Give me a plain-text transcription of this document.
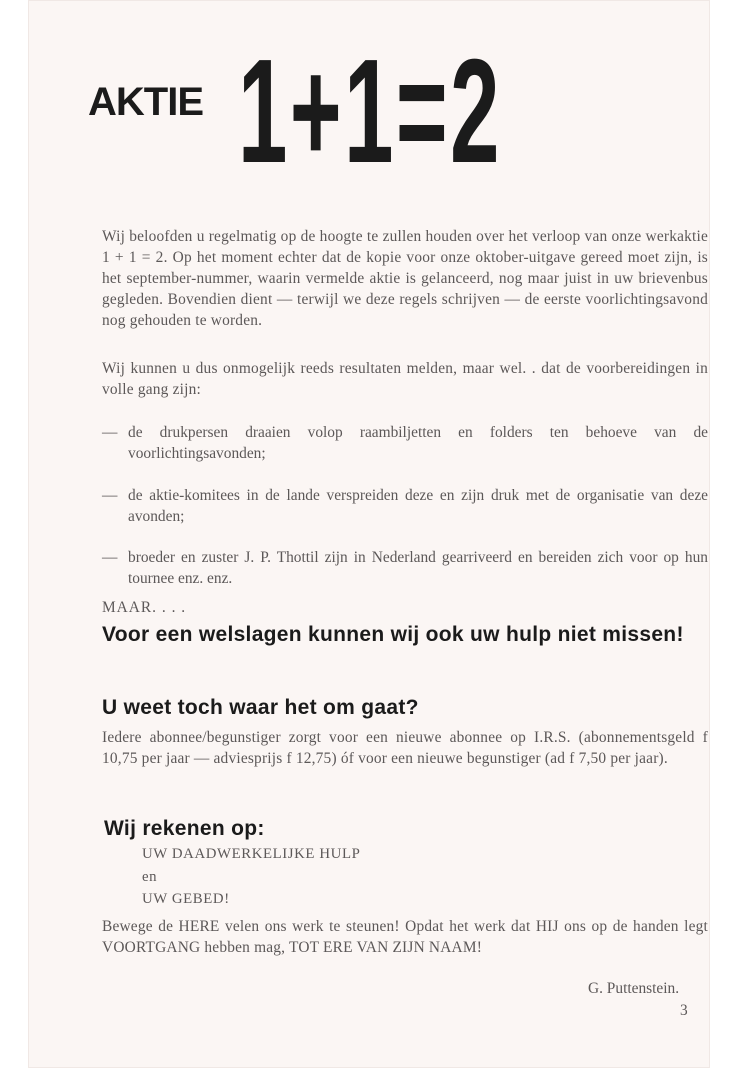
AKTIE 1+1=2
Wij beloofden u regelmatig op de hoogte te zullen houden over het verloop van onze werkaktie 1 + 1 = 2. Op het moment echter dat de kopie voor onze oktober-uitgave gereed moet zijn, is het september-nummer, waarin vermelde aktie is gelanceerd, nog maar juist in uw brievenbus gegleden. Bovendien dient — terwijl we deze regels schrijven — de eerste voorlichtingsavond nog gehouden te worden.
Wij kunnen u dus onmogelijk reeds resultaten melden, maar wel. . dat de voorbereidingen in volle gang zijn:
— de drukpersen draaien volop raambiljetten en folders ten behoeve van de voorlichtingsavonden;
— de aktie-komitees in de lande verspreiden deze en zijn druk met de organisatie van deze avonden;
— broeder en zuster J. P. Thottil zijn in Nederland gearriveerd en bereiden zich voor op hun tournee enz. enz.
MAAR. . . .
Voor een welslagen kunnen wij ook uw hulp niet missen!
U weet toch waar het om gaat?
Iedere abonnee/begunstiger zorgt voor een nieuwe abonnee op I.R.S. (abonnementsgeld f 10,75 per jaar — adviesprijs f 12,75) óf voor een nieuwe begunstiger (ad f 7,50 per jaar).
Wij rekenen op:
UW DAADWERKELIJKE HULP
en
UW GEBED!
Bewege de HERE velen ons werk te steunen! Opdat het werk dat HIJ ons op de handen legt VOORTGANG hebben mag, TOT ERE VAN ZIJN NAAM!
G. Puttenstein.
3
